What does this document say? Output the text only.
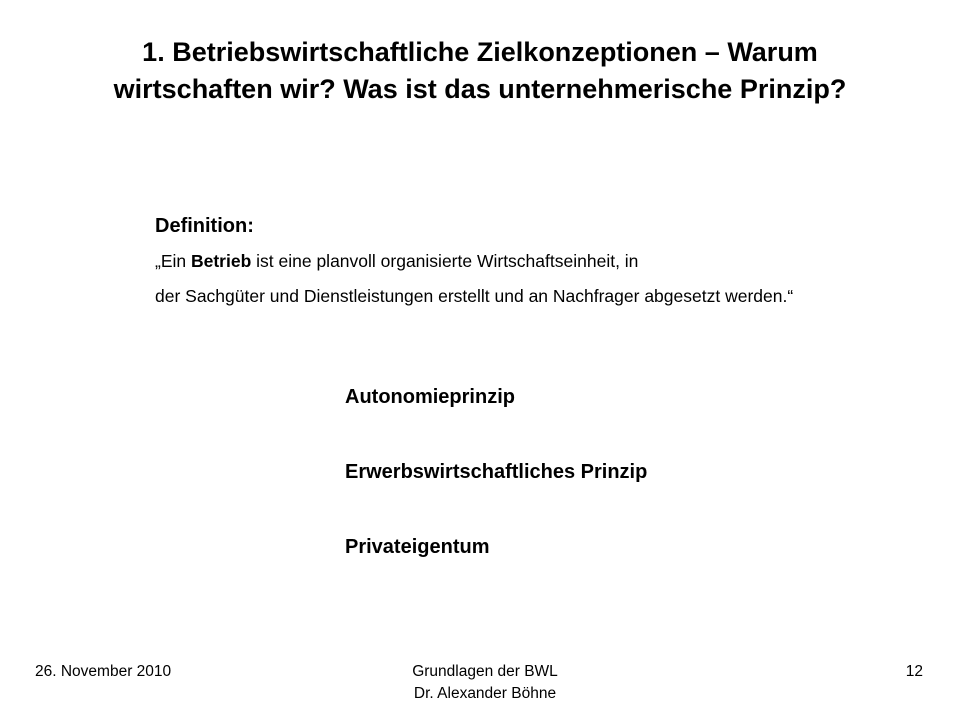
1. Betriebswirtschaftliche Zielkonzeptionen – Warum wirtschaften wir? Was ist das unternehmerische Prinzip?
Definition:

„Ein Betrieb ist eine planvoll organisierte Wirtschaftseinheit, in
der Sachgüter und Dienstleistungen erstellt und an Nachfrager abgesetzt werden.“

Autonomieprinzip
Erwerbswirtschaftliches Prinzip
Privateigentum
26. November 2010	Grundlagen der BWL
Dr. Alexander Böhne
12
